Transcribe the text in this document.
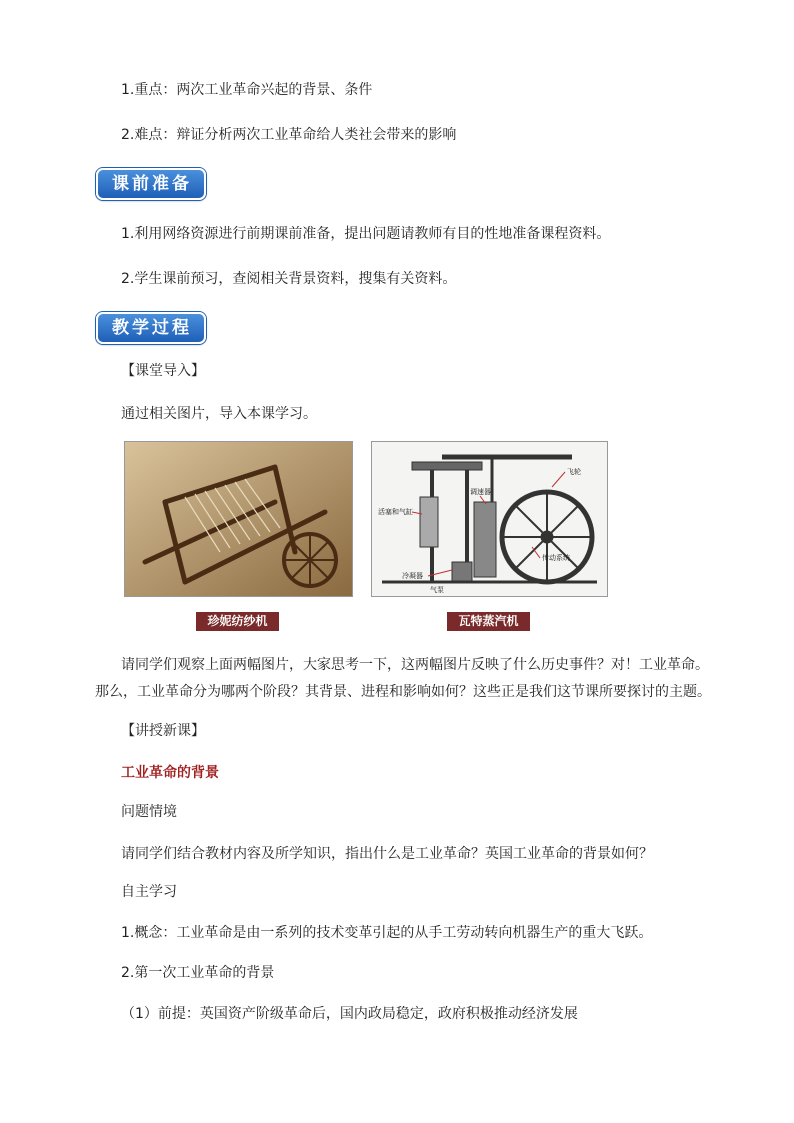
1.重点：两次工业革命兴起的背景、条件
2.难点：辩证分析两次工业革命给人类社会带来的影响
课前准备
1.利用网络资源进行前期课前准备，提出问题请教师有目的性地准备课程资料。
2.学生课前预习，查阅相关背景资料，搜集有关资料。
教学过程
【课堂导入】
通过相关图片，导入本课学习。
珍妮纺纱机
飞轮
调速器
活塞和气缸
传动系统
冷凝器
气泵
瓦特蒸汽机
请同学们观察上面两幅图片，大家思考一下，这两幅图片反映了什么历史事件？对！工业革命。
那么，工业革命分为哪两个阶段？其背景、进程和影响如何？这些正是我们这节课所要探讨的主题。
【讲授新课】
工业革命的背景
问题情境
请同学们结合教材内容及所学知识，指出什么是工业革命？英国工业革命的背景如何？
自主学习
1.概念：工业革命是由一系列的技术变革引起的从手工劳动转向机器生产的重大飞跃。
2.第一次工业革命的背景
（1）前提：英国资产阶级革命后，国内政局稳定，政府积极推动经济发展
